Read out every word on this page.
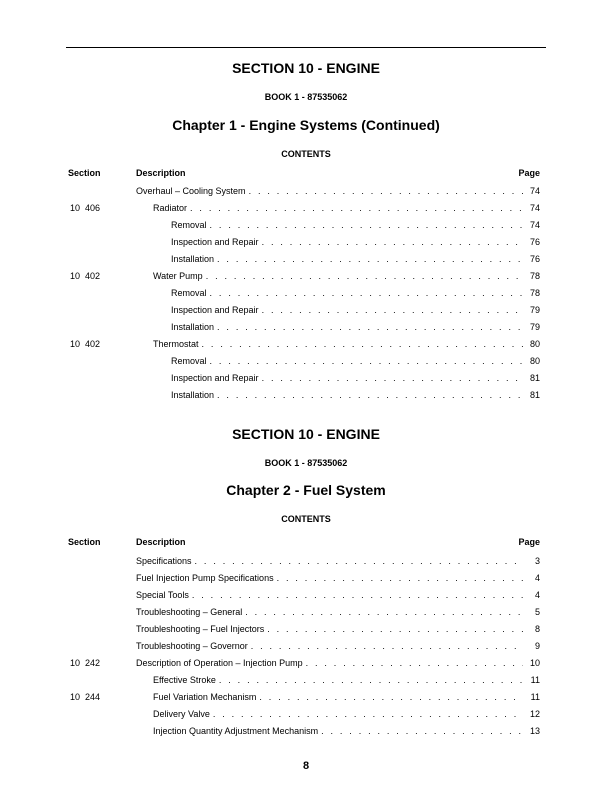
SECTION 10 - ENGINE
BOOK 1 - 87535062
Chapter 1 - Engine Systems (Continued)
CONTENTS
Section	Description	Page
Overhaul – Cooling System . . .	74
10  406	Radiator . . .	74
Removal . . .	74
Inspection and Repair . . .	76
Installation . . .	76
10  402	Water Pump . . .	78
Removal . . .	78
Inspection and Repair . . .	79
Installation . . .	79
10  402	Thermostat . . .	80
Removal . . .	80
Inspection and Repair . . .	81
Installation . . .	81
SECTION 10 - ENGINE
BOOK 1 - 87535062
Chapter 2 - Fuel System
CONTENTS
Section	Description	Page
Specifications . . .	3
Fuel Injection Pump Specifications . . .	4
Special Tools . . .	4
Troubleshooting – General . . .	5
Troubleshooting – Fuel Injectors . . .	8
Troubleshooting – Governor . . .	9
10  242	Description of Operation – Injection Pump . . .	10
Effective Stroke . . .	11
10  244	Fuel Variation Mechanism . . .	11
Delivery Valve . . .	12
Injection Quantity Adjustment Mechanism . . .	13
8
